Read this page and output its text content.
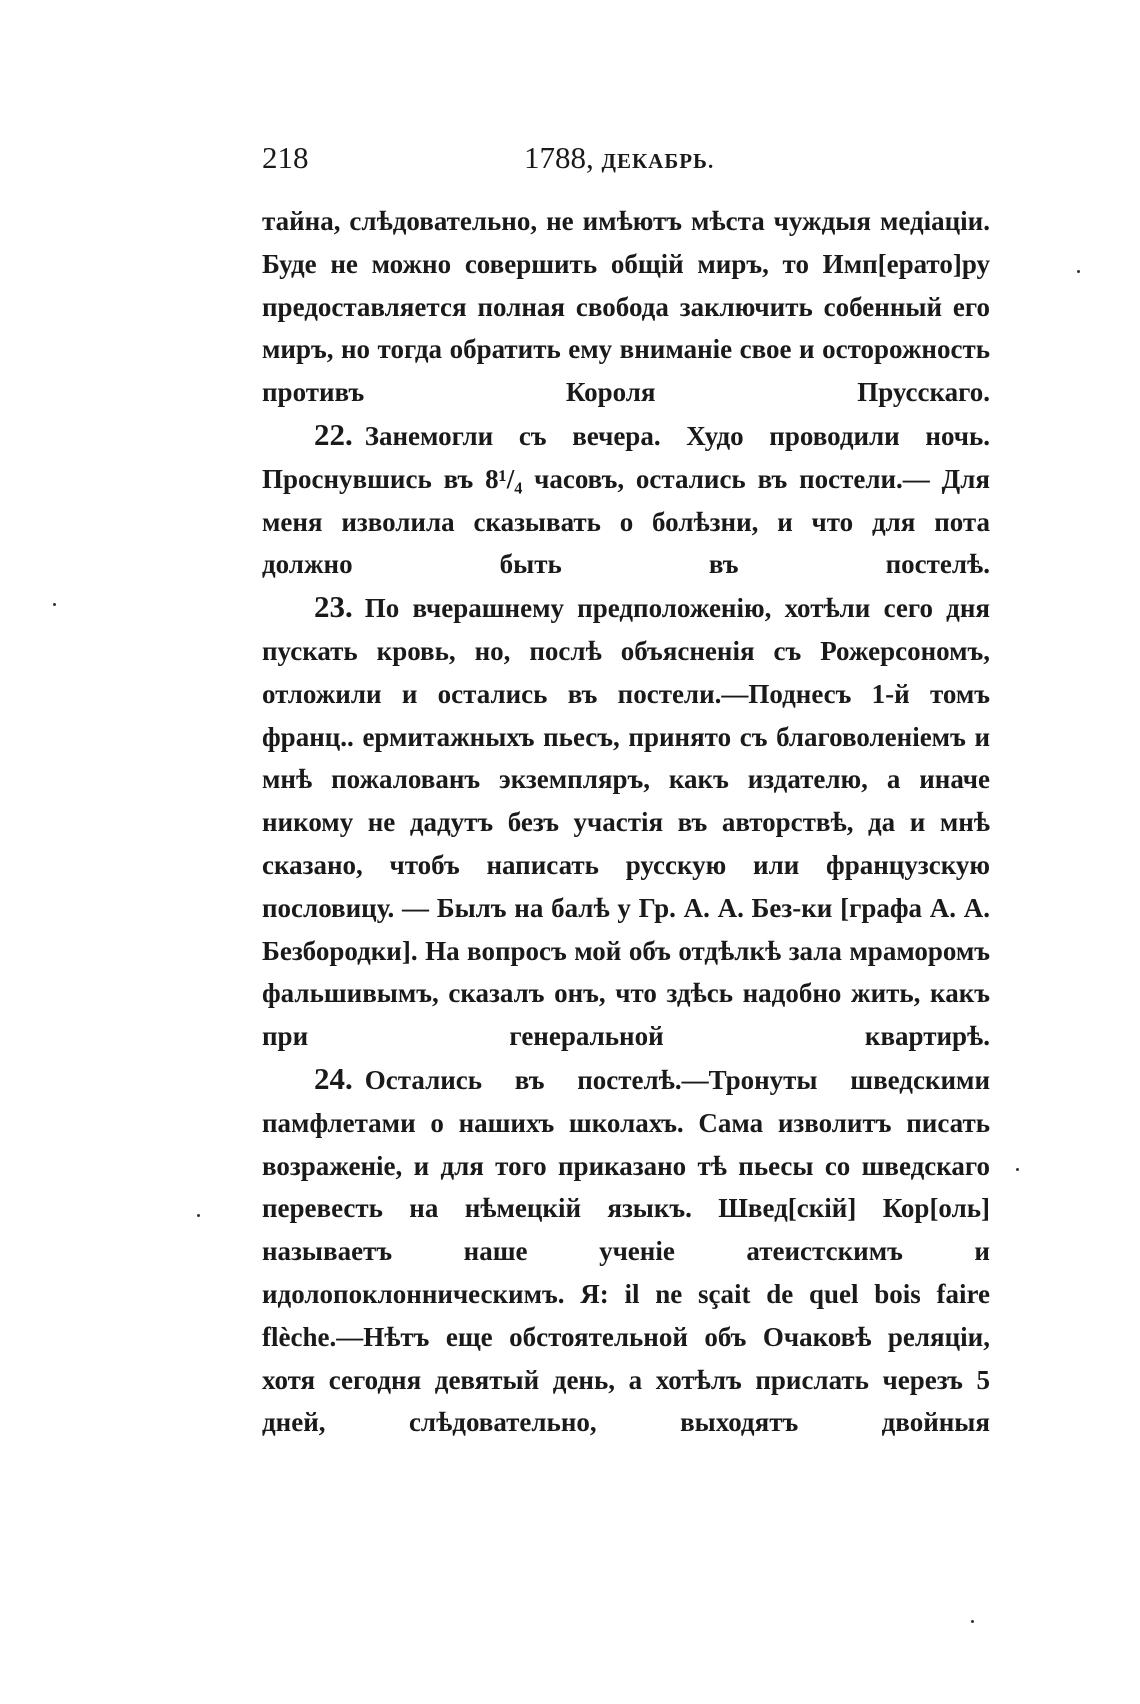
218	1788, ДЕКАБРЬ.

тайна, слѣдовательно, не имѣютъ мѣста чуждыя медіаціи. Буде не можно совершить общій миръ, то Имп[ерато]ру предоставляется полная свобода заключить собенный его миръ, но тогда обратить ему вниманіе свое и осторожность противъ Короля Прусскаго.

22. Занемогли съ вечера. Худо проводили ночь. Проснувшись въ 8¹/₄ часовъ, остались въ постели.— Для меня изволила сказывать о болѣзни, и что для пота должно быть въ постелѣ.

23. По вчерашнему предположенію, хотѣли сего дня пускать кровь, но, послѣ объясненія съ Рожерсономъ, отложили и остались въ постели.—Поднесъ 1-й томъ франц.. ермитажныхъ пьесъ, принято съ благоволеніемъ и мнѣ пожалованъ экземпляръ, какъ издателю, а иначе никому не дадутъ безъ участія въ авторствѣ, да и мнѣ сказано, чтобъ написать русскую или французскую пословицу. — Былъ на балѣ у Гр. А. А. Без-ки [графа А. А. Безбородки]. На вопросъ мой объ отдѣлкѣ зала мраморомъ фальшивымъ, сказалъ онъ, что здѣсь надобно жить, какъ при генеральной квартирѣ.

24. Остались въ постелѣ.—Тронуты шведскими памфлетами о нашихъ школахъ. Сама изволитъ писать возраженіе, и для того приказано тѣ пьесы со шведскаго перевесть на нѣмецкій языкъ. Швед[скій] Кор[оль] называетъ наше ученіе атеистскимъ и идолопоклонническимъ. Я: il ne sçait de quel bois faire flèche.—Нѣтъ еще обстоятельной объ Очаковѣ реляціи, хотя сегодня девятый день, а хотѣлъ прислать черезъ 5 дней, слѣдовательно, выходятъ двойныя
